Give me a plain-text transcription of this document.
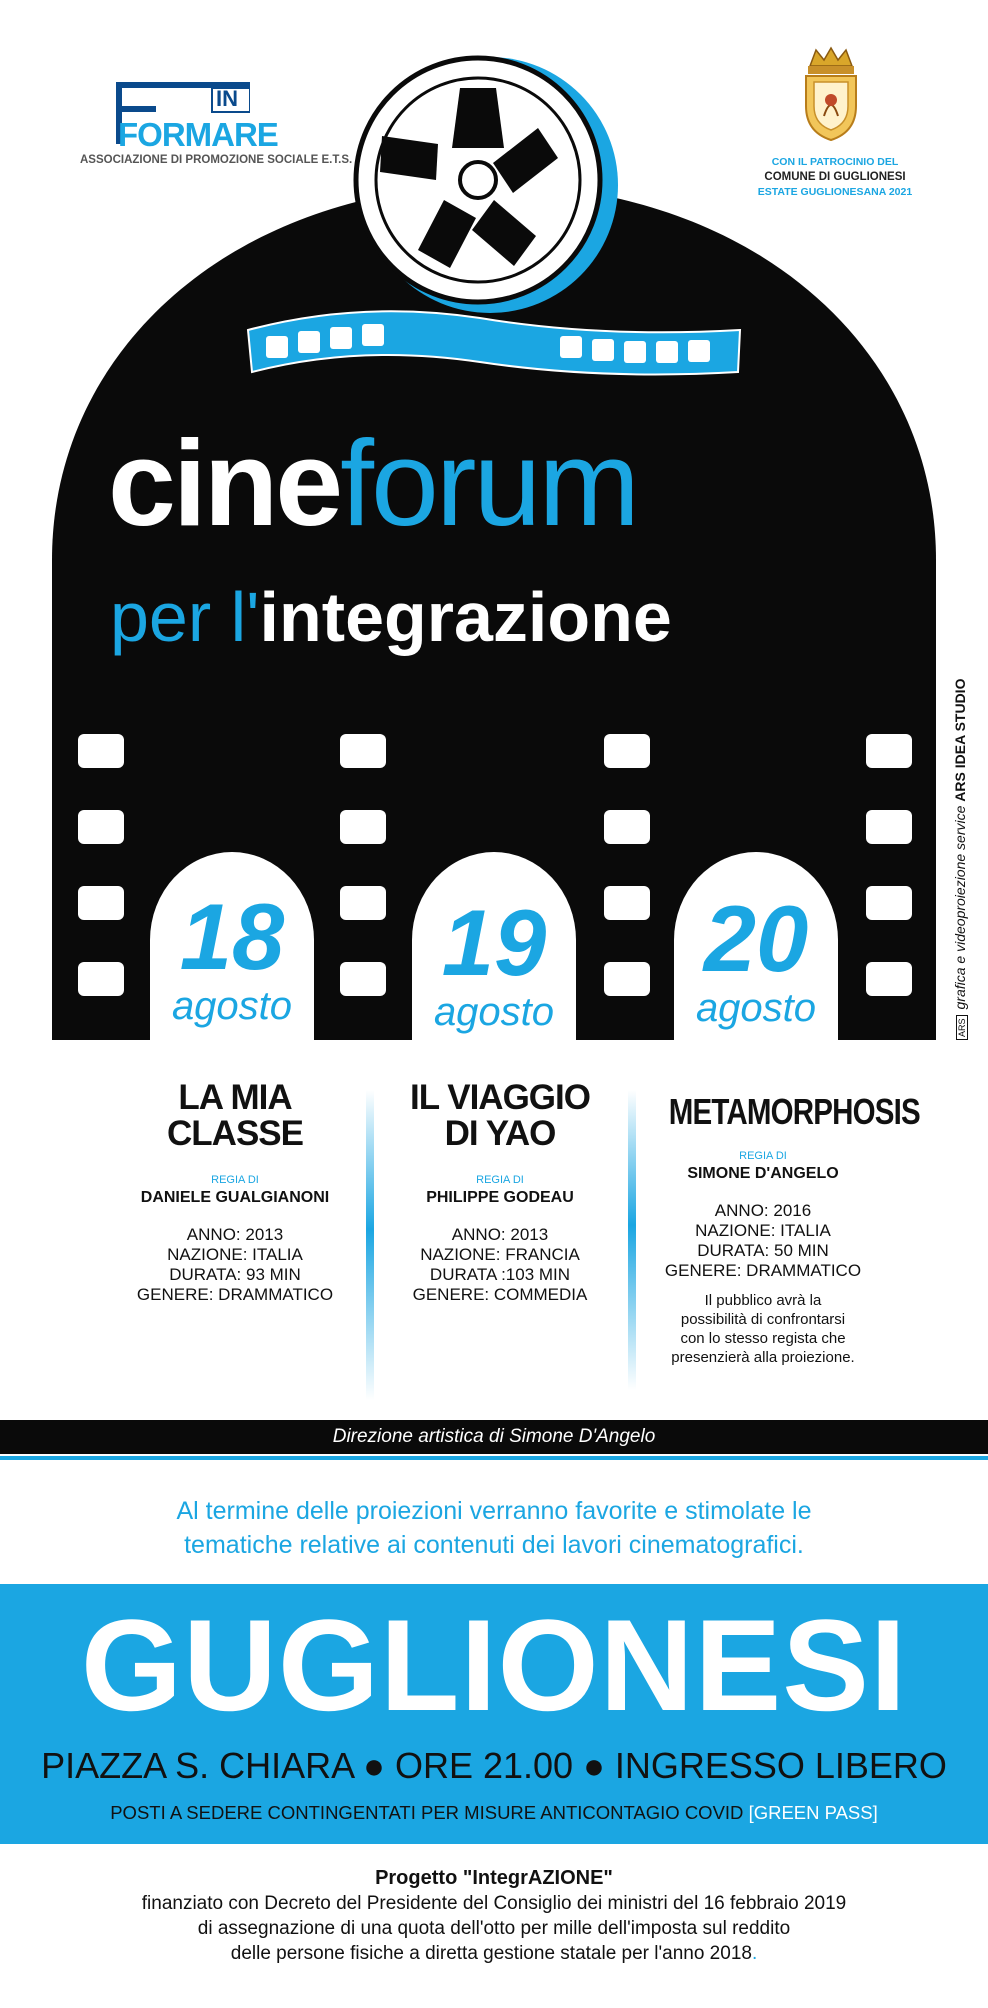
IN
FORMARE
ASSOCIAZIONE DI PROMOZIONE SOCIALE E.T.S.	CON IL PATROCINIO DEL
COMUNE DI GUGLIONESI
ESTATE GUGLIONESANA 2021
cineforum
per l'integrazione
18
agosto
19
agosto
20
agosto	ARSgrafica e videoproiezione service ARS IDEA STUDIO
LA MIA
CLASSE
REGIA DI
DANIELE GUALGIANONI
ANNO: 2013
NAZIONE: ITALIA
DURATA: 93 MIN
GENERE: DRAMMATICO
IL VIAGGIO
DI YAO
REGIA DI
PHILIPPE GODEAU
ANNO: 2013
NAZIONE: FRANCIA
DURATA :103 MIN
GENERE: COMMEDIA
METAMORPHOSIS
REGIA DI
SIMONE D'ANGELO
ANNO: 2016
NAZIONE: ITALIA
DURATA: 50 MIN
GENERE: DRAMMATICO
Il pubblico avrà la
possibilità di confrontarsi
con lo stesso regista che
presenzierà alla proiezione.
Direzione artistica di Simone D'Angelo
Al termine delle proiezioni verranno favorite e stimolate le
tematiche relative ai contenuti dei lavori cinematografici.
GUGLIONESI
PIAZZA S. CHIARA ● ORE 21.00 ● INGRESSO LIBERO
POSTI A SEDERE CONTINGENTATI PER MISURE ANTICONTAGIO COVID [GREEN PASS]
Progetto "IntegrAZIONE"
finanziato con Decreto del Presidente del Consiglio dei ministri del 16 febbraio 2019
di assegnazione di una quota dell'otto per mille dell'imposta sul reddito
delle persone fisiche a diretta gestione statale per l'anno 2018.
